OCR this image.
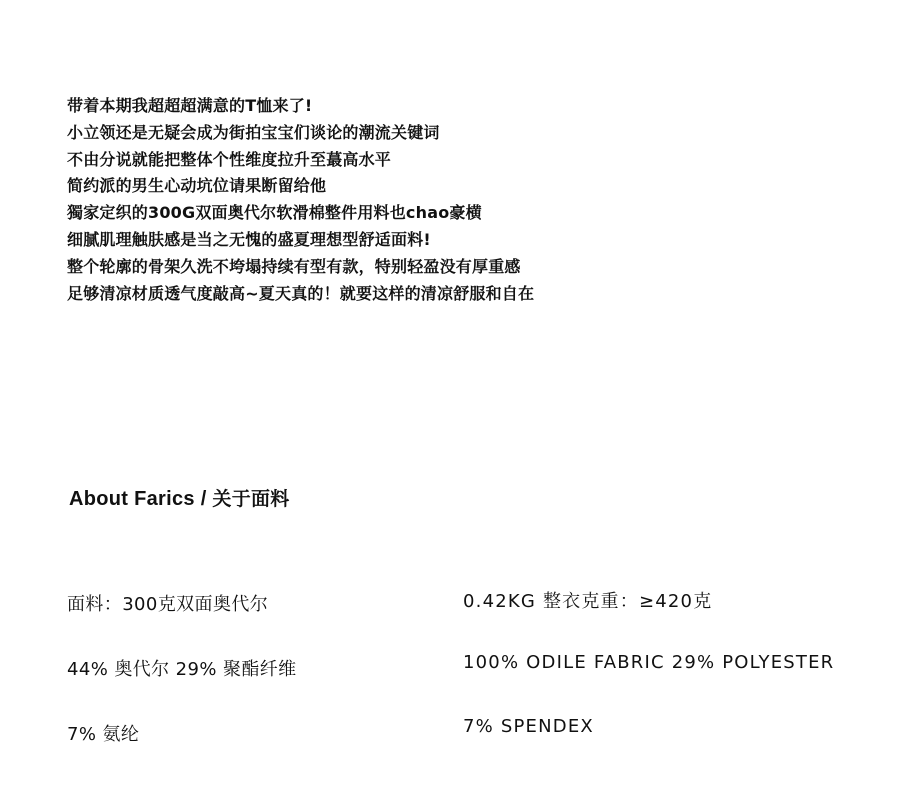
带着本期我超超超满意的T恤来了!
小立领还是无疑会成为街拍宝宝们谈论的潮流关键词
不由分说就能把整体个性维度拉升至蕞高水平
简约派的男生心动坑位请果断留给他
獨家定织的300G双面奥代尔软滑棉整件用料也chao豪横
细腻肌理触肤感是当之无愧的盛夏理想型舒适面料!
整个轮廓的骨架久洗不垮塌持续有型有款，特别轻盈没有厚重感
足够清凉材质透气度敲高~夏天真的！就要这样的清凉舒服和自在
About Farics / 关于面料
面料：300克双面奥代尔
44% 奥代尔 29% 聚酯纤维
7% 氨纶
0.42KG 整衣克重：≥420克
100% ODILE FABRIC 29% POLYESTER
7% SPENDEX
